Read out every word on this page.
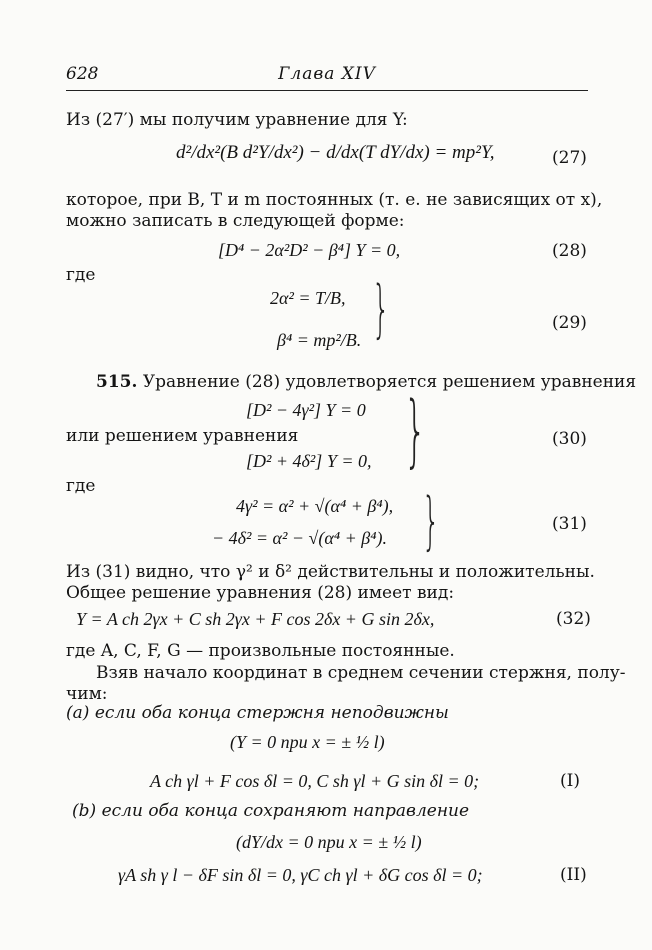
628	Глава XIV
Из (27′) мы получим уравнение для Y:
d²/dx²(B d²Y/dx²) − d/dx(T dY/dx) = mp²Y,	(27)
которое, при B, T и m постоянных (т. е. не зависящих от x),
можно записать в следующей форме:
[D⁴ − 2α²D² − β⁴] Y = 0,	(28)
где
2α² = T/B,
β⁴ = mp²/B. }	(29)
515. Уравнение (28) удовлетворяется решением уравнения
[D² − 4γ²] Y = 0
или решением уравнения
[D² + 4δ²] Y = 0, }	(30)
где
4γ² = α² + √(α⁴ + β⁴),
− 4δ² = α² − √(α⁴ + β⁴). }	(31)
Из (31) видно, что γ² и δ² действительны и положительны.
Общее решение уравнения (28) имеет вид:
Y = A ch 2γx + C sh 2γx + F cos 2δx + G sin 2δx,	(32)
где A, C, F, G — произвольные постоянные.
Взяв начало координат в среднем сечении стержня, полу-
чим:
(a) если оба конца стержня неподвижны
(Y = 0 при x = ± ½ l)
A ch γl + F cos δl = 0, C sh γl + G sin δl = 0;	(I)
(b) если оба конца сохраняют направление
(dY/dx = 0 при x = ± ½ l)
γA sh γ l − δF sin δl = 0, γC ch γl + δG cos δl = 0;	(II)
